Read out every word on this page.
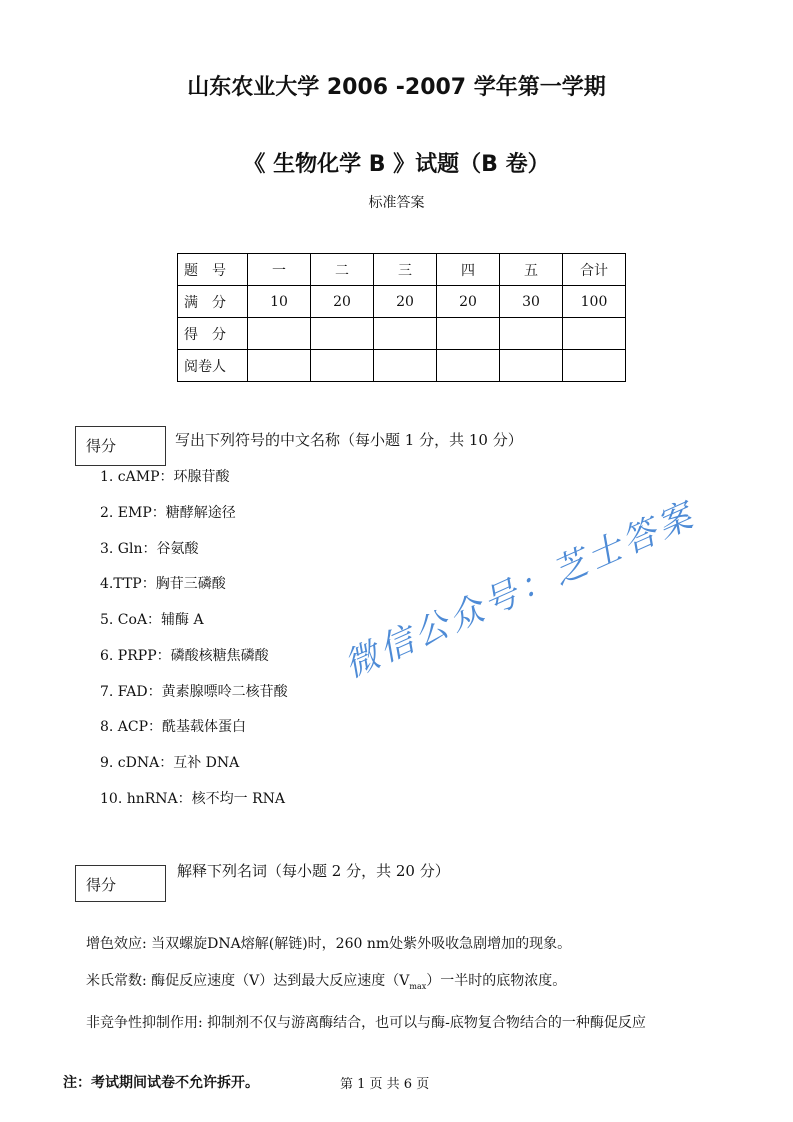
山东农业大学 2006 -2007 学年第一学期
《 生物化学 B 》试题（B 卷）
标准答案
题　号	一	二	三	四	五	合计
满　分	10	20	20	20	30	100
得　分						
阅卷人						
得分	写出下列符号的中文名称（每小题 1 分，共 10 分）
1. cAMP：环腺苷酸
2. EMP：糖酵解途径
3. Gln：谷氨酸
4.TTP：胸苷三磷酸
5. CoA：辅酶 A
6. PRPP：磷酸核糖焦磷酸
7. FAD：黄素腺嘌呤二核苷酸
8. ACP：酰基载体蛋白
9. cDNA：互补 DNA
10. hnRNA：核不均一 RNA
得分
解释下列名词（每小题 2 分，共 20 分）
增色效应: 当双螺旋DNA熔解(解链)时，260 nm处紫外吸收急剧增加的现象。
米氏常数: 酶促反应速度（V）达到最大反应速度$(V_{max})$一半时的底物浓度。
非竞争性抑制作用: 抑制剂不仅与游离酶结合，也可以与酶-底物复合物结合的一种酶促反应
微信公众号：芝士答案
注：考试期间试卷不允许拆开。	第 1 页 共 6 页
